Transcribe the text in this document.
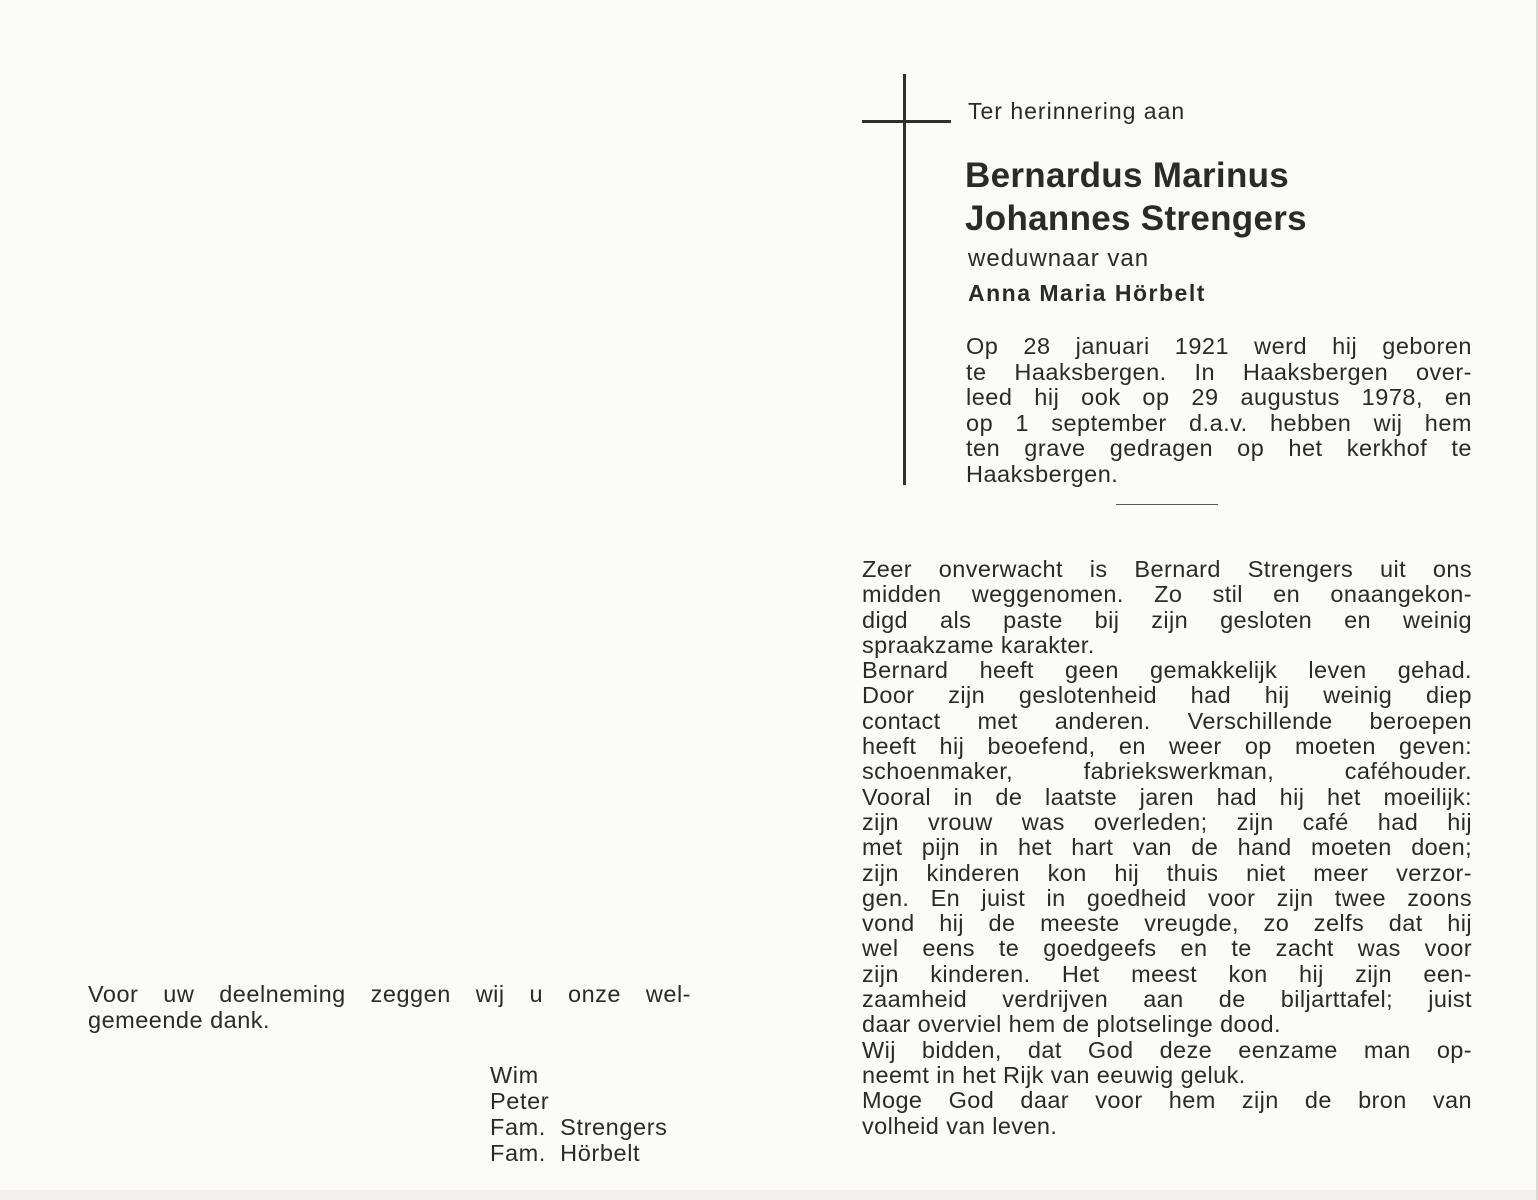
Ter herinnering aan
Bernardus Marinus
Johannes Strengers
weduwnaar van
Anna Maria Hörbelt
Op 28 januari 1921 werd hij geboren
te Haaksbergen. In Haaksbergen over-
leed hij ook op 29 augustus 1978, en
op 1 september d.a.v. hebben wij hem
ten grave gedragen op het kerkhof te
Haaksbergen.
Zeer onverwacht is Bernard Strengers uit ons
midden weggenomen. Zo stil en onaangekon-
digd als paste bij zijn gesloten en weinig
spraakzame karakter.
Bernard heeft geen gemakkelijk leven gehad.
Door zijn geslotenheid had hij weinig diep
contact met anderen. Verschillende beroepen
heeft hij beoefend, en weer op moeten geven:
schoenmaker, fabriekswerkman, caféhouder.
Vooral in de laatste jaren had hij het moeilijk:
zijn vrouw was overleden; zijn café had hij
met pijn in het hart van de hand moeten doen;
zijn kinderen kon hij thuis niet meer verzor-
gen. En juist in goedheid voor zijn twee zoons
vond hij de meeste vreugde, zo zelfs dat hij
wel eens te goedgeefs en te zacht was voor
zijn kinderen. Het meest kon hij zijn een-
zaamheid verdrijven aan de biljarttafel; juist
daar overviel hem de plotselinge dood.
Wij bidden, dat God deze eenzame man op-
neemt in het Rijk van eeuwig geluk.
Moge God daar voor hem zijn de bron van
volheid van leven.
Voor uw deelneming zeggen wij u onze wel-
gemeende dank.
Wim
Peter
Fam.  Strengers
Fam.  Hörbelt
